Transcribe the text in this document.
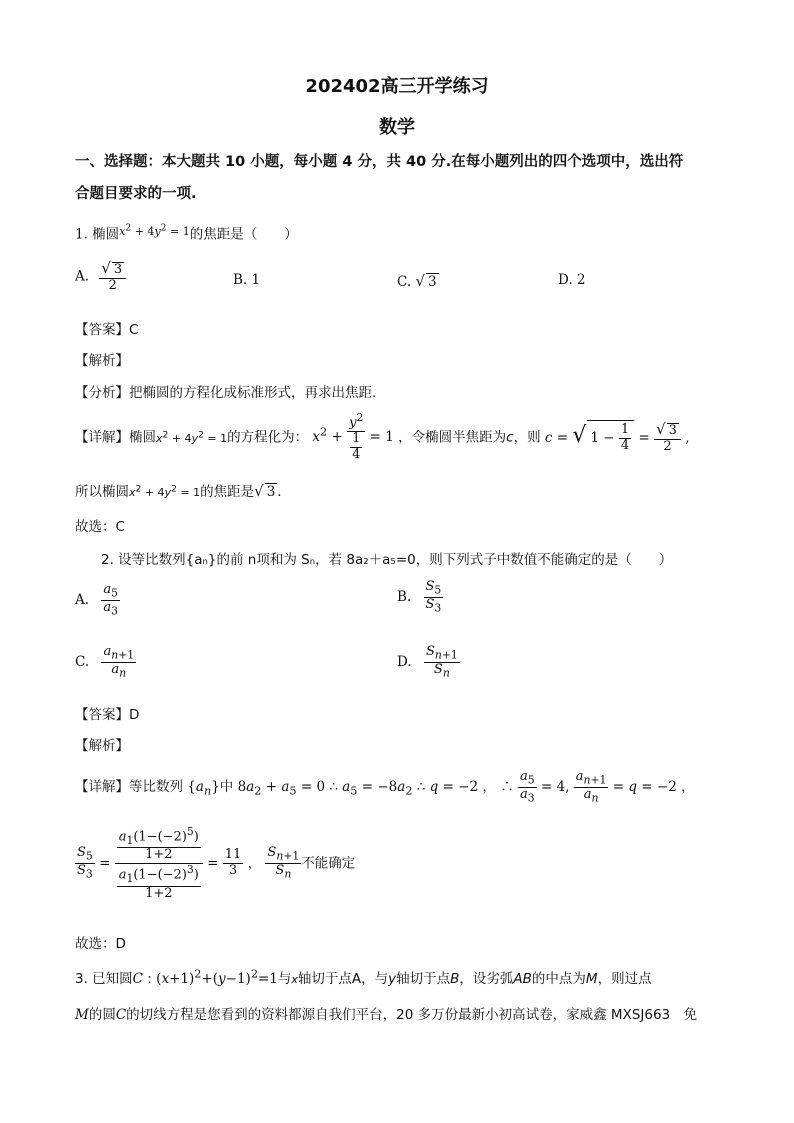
202402高三开学练习
数学
一、选择题：本大题共 10 小题，每小题 4 分，共 40 分.在每小题列出的四个选项中，选出符
合题目要求的一项.
1. 椭圆$^{x^2 + 4y^2 = 1}$的焦距是（　　）
A. $\frac{√ 3}{2}$	B. 1	C. √ 3	D. 2
【答案】C
【解析】
【分析】把椭圆的方程化成标准形式，再求出焦距.
【详解】椭圆$x^2 + 4y^2 = 1$的方程化为： $x^2 + \frac{y^2}{\frac{1}{4}} = 1$ ，令椭圆半焦距为c，则 c = √ $1 - \frac{1}{4} = \frac{√ 3}{2}$ ,
所以椭圆$x^2 + 4y^2 = 1$的焦距是√ 3 .
故选：C
2. 设等比数列{aₙ}的前 n项和为 Sₙ，若 8a₂＋a₅=0，则下列式子中数值不能确定的是（　　）
A. $\frac{a_5}{a_3}$	B. $\frac{S_5}{S_3}$
C. $\frac{a_{n+1}}{a_n}$	D. $\frac{S_{n+1}}{S_n}$
【答案】D
【解析】
【详解】等比数列 $\{a_n\}$中 $8a_2 + a_5 = 0$ ∴ $a_5 = -8a_2$ ∴ q = −2 ， ∴ $\frac{a_5}{a_3} = 4$, $\frac{a_{n+1}}{a_n} = q = -2$ ，
$\frac{S_5}{S_3} = \frac{\frac{a_1(1-(-2)^5)}{1+2}}{\frac{a_1(1-(-2)^3)}{1+2}} = \frac{11}{3}$ ， $\frac{S_{n+1}}{S_n}$ 不能确定
故选：D
3. 已知圆C : $(x+1)^2+(y-1)^2=1$与x轴切于点A，与y轴切于点B，设劣弧AB的中点为M，则过点
M的圆C的切线方程是您看到的资料都源自我们平台，20 多万份最新小初高试卷，家威鑫 MXSJ663　免
